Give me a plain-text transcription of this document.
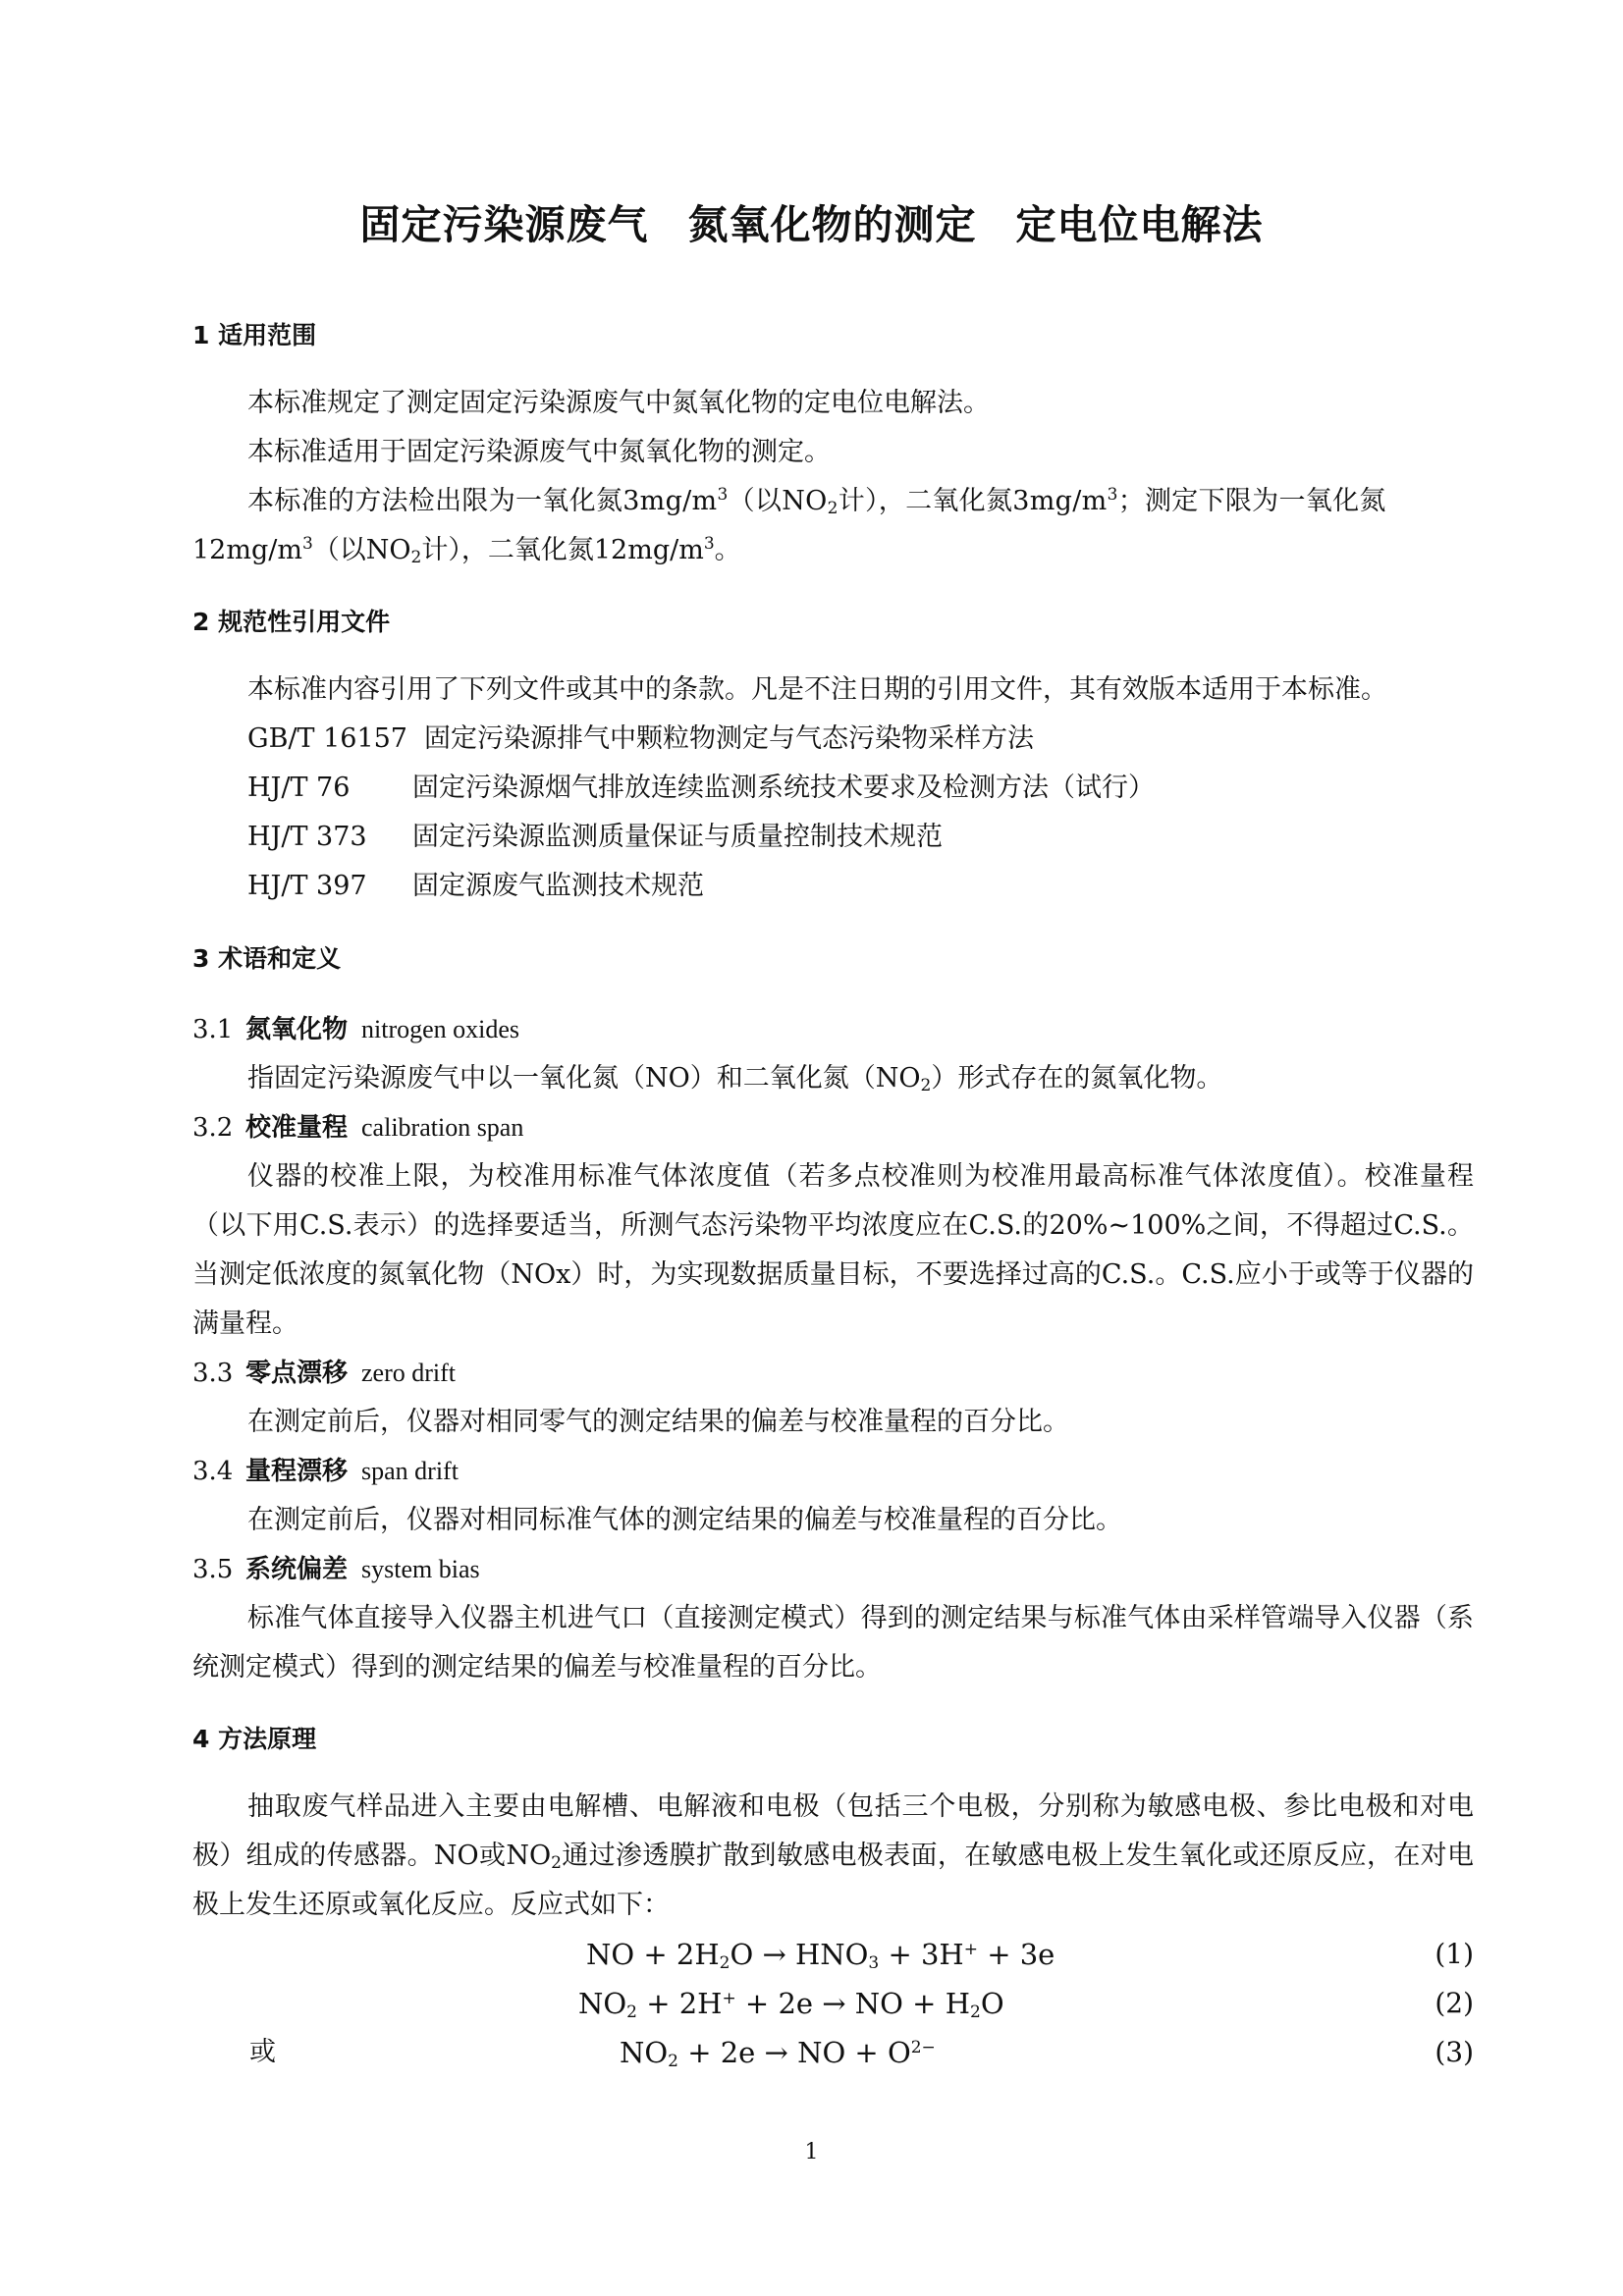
固定污染源废气 氮氧化物的测定 定电位电解法
1 适用范围
本标准规定了测定固定污染源废气中氮氧化物的定电位电解法。
本标准适用于固定污染源废气中氮氧化物的测定。
本标准的方法检出限为一氧化氮$3mg/m^3$（以$NO_2$计），二氧化氮$3mg/m^3$；测定下限为一氧化氮
$12mg/m^3$（以$NO_2$计），二氧化氮$12mg/m^3$。
2 规范性引用文件
本标准内容引用了下列文件或其中的条款。凡是不注日期的引用文件，其有效版本适用于本标准。
GB/T 16157 固定污染源排气中颗粒物测定与气态污染物采样方法
HJ/T 76 固定污染源烟气排放连续监测系统技术要求及检测方法（试行）
HJ/T 373 固定污染源监测质量保证与质量控制技术规范
HJ/T 397 固定源废气监测技术规范
3 术语和定义
3.1 氮氧化物 nitrogen oxides
指固定污染源废气中以一氧化氮（NO）和二氧化氮$(NO_2)$形式存在的氮氧化物。
3.2 校准量程 calibration span
仪器的校准上限，为校准用标准气体浓度值（若多点校准则为校准用最高标准气体浓度值）。校准量程（以下用C.S.表示）的选择要适当，所测气态污染物平均浓度应在C.S.的20%~100%之间，不得超过C.S.。当测定低浓度的氮氧化物（NOx）时，为实现数据质量目标，不要选择过高的C.S.。C.S.应小于或等于仪器的满量程。
3.3 零点漂移 zero drift
在测定前后，仪器对相同零气的测定结果的偏差与校准量程的百分比。
3.4 量程漂移 span drift
在测定前后，仪器对相同标准气体的测定结果的偏差与校准量程的百分比。
3.5 系统偏差 system bias
标准气体直接导入仪器主机进气口（直接测定模式）得到的测定结果与标准气体由采样管端导入仪器（系统测定模式）得到的测定结果的偏差与校准量程的百分比。
4 方法原理
抽取废气样品进入主要由电解槽、电解液和电极（包括三个电极，分别称为敏感电极、参比电极和对电极）组成的传感器。NO或$NO_2$通过渗透膜扩散到敏感电极表面，在敏感电极上发生氧化或还原反应，在对电极上发生还原或氧化反应。反应式如下：
NO + $2H_2O \to HNO_3 + 3H^+ + 3e$	(1)
$NO_2 + 2H^+ + 2e$ → NO + $H_2O$	(2)
或	$NO_2 + 2e$ → NO + $O^{2-}$	(3)
1
